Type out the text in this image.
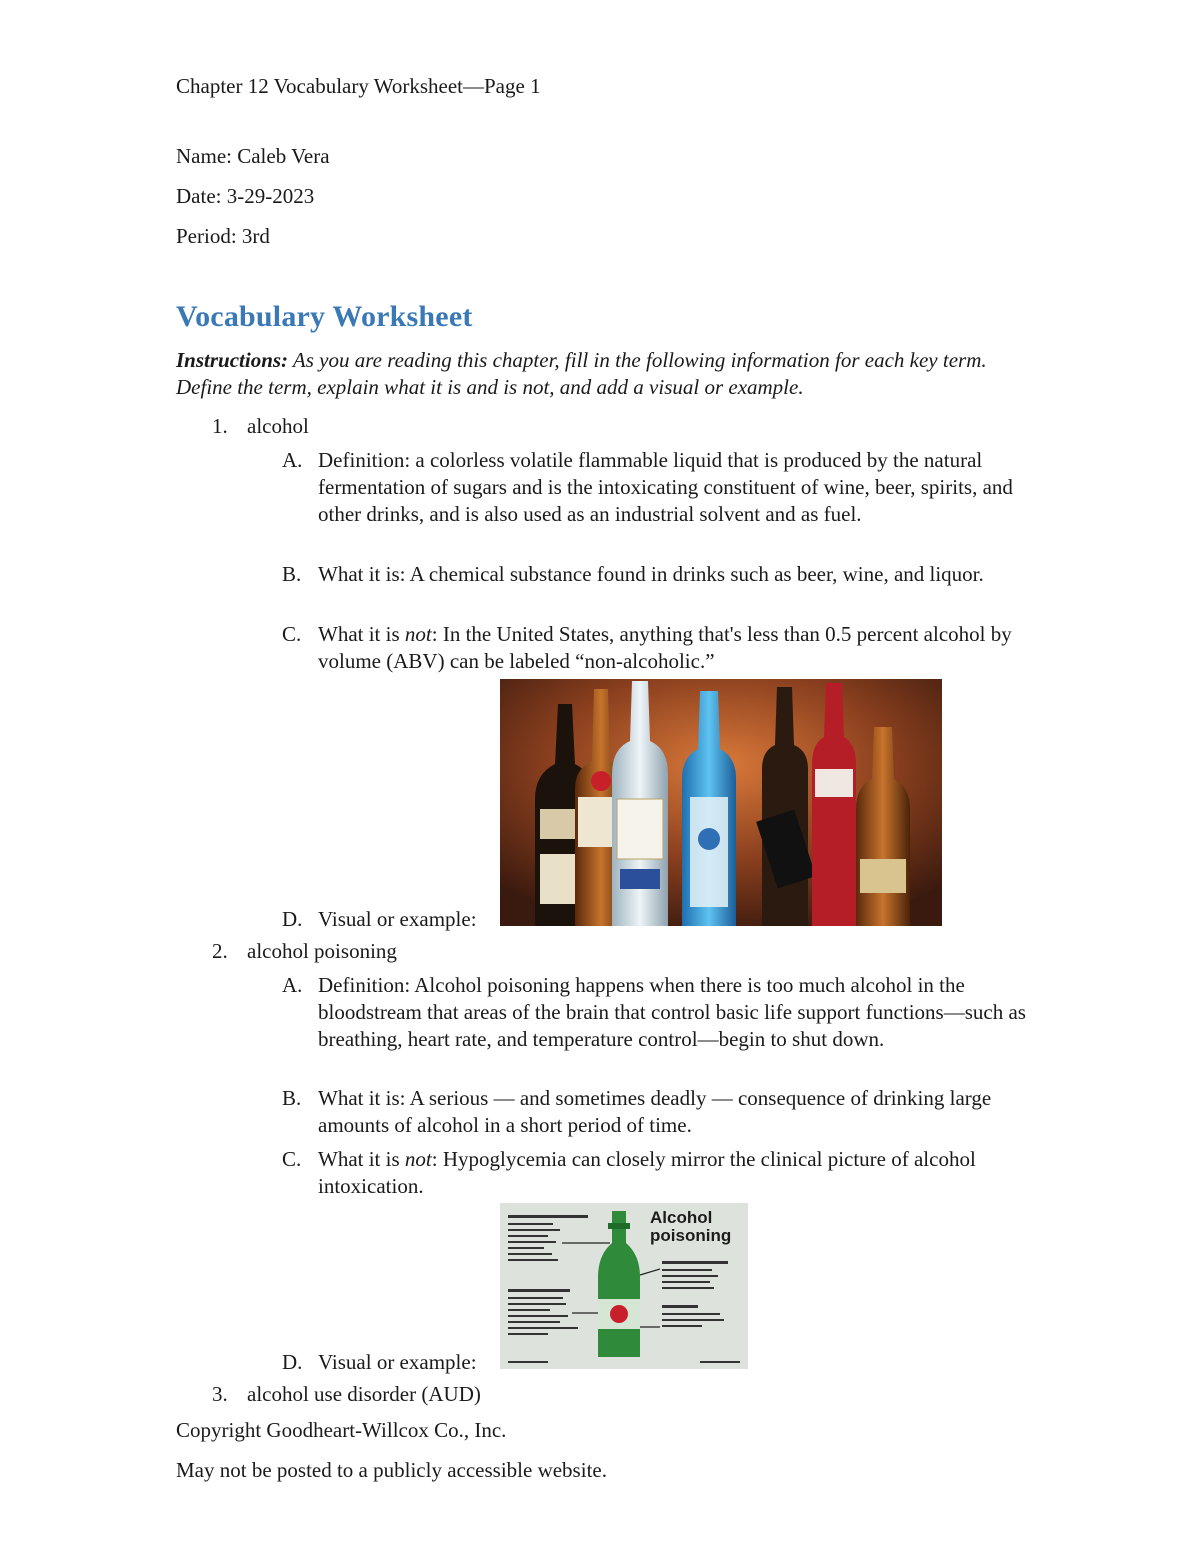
Chapter 12 Vocabulary Worksheet—Page 1
Name: Caleb Vera
Date: 3-29-2023
Period: 3rd
Vocabulary Worksheet
Instructions: As you are reading this chapter, fill in the following information for each key term. Define the term, explain what it is and is not, and add a visual or example.
1. alcohol
A. Definition: a colorless volatile flammable liquid that is produced by the natural fermentation of sugars and is the intoxicating constituent of wine, beer, spirits, and other drinks, and is also used as an industrial solvent and as fuel.
B. What it is: A chemical substance found in drinks such as beer, wine, and liquor.
C. What it is not: In the United States, anything that's less than 0.5 percent alcohol by volume (ABV) can be labeled “non-alcoholic.”
D. Visual or example:
2. alcohol poisoning
A. Definition: Alcohol poisoning happens when there is too much alcohol in the bloodstream that areas of the brain that control basic life support functions—such as breathing, heart rate, and temperature control—begin to shut down.
B. What it is: A serious — and sometimes deadly — consequence of drinking large amounts of alcohol in a short period of time.
C. What it is not: Hypoglycemia can closely mirror the clinical picture of alcohol intoxication.
D. Visual or example:
Alcohol
poisoning
3. alcohol use disorder (AUD)
Copyright Goodheart-Willcox Co., Inc.
May not be posted to a publicly accessible website.
